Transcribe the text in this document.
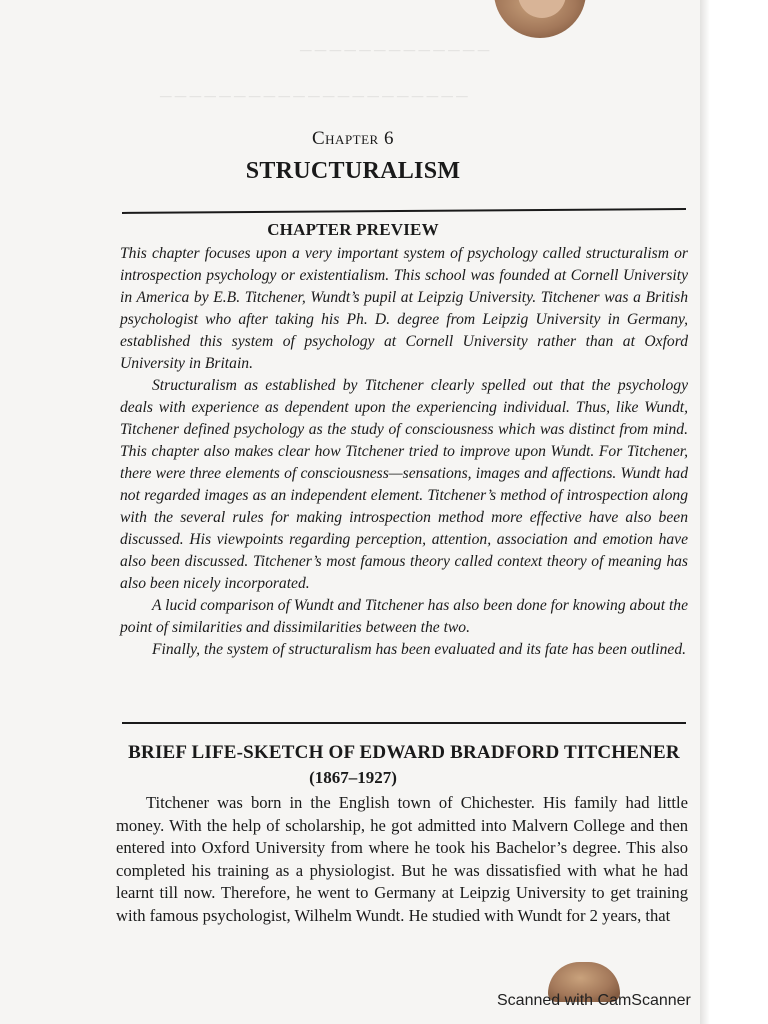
— — — — — — — — — — — — —
— — — — — — — — — — — — — — — — — — — — —
Chapter 6
STRUCTURALISM
CHAPTER PREVIEW

This chapter focuses upon a very important system of psychology called structuralism or introspection psychology or existentialism. This school was founded at Cornell University in America by E.B. Titchener, Wundt’s pupil at Leipzig University. Titchener was a British psychologist who after taking his Ph. D. degree from Leipzig University in Germany, established this system of psychology at Cornell University rather than at Oxford University in Britain.

Structuralism as established by Titchener clearly spelled out that the psychology deals with experience as dependent upon the experiencing individual. Thus, like Wundt, Titchener defined psychology as the study of consciousness which was distinct from mind. This chapter also makes clear how Titchener tried to improve upon Wundt. For Titchener, there were three elements of consciousness—sensations, images and affections. Wundt had not regarded images as an independent element. Titchener’s method of introspection along with the several rules for making introspection method more effective have also been discussed. His viewpoints regarding perception, attention, association and emotion have also been discussed. Titchener’s most famous theory called context theory of meaning has also been nicely incorporated.

A lucid comparison of Wundt and Titchener has also been done for knowing about the point of similarities and dissimilarities between the two.

Finally, the system of structuralism has been evaluated and its fate has been outlined.

BRIEF LIFE-SKETCH OF EDWARD BRADFORD TITCHENER
(1867–1927)

Titchener was born in the English town of Chichester. His family had little money. With the help of scholarship, he got admitted into Malvern College and then entered into Oxford University from where he took his Bachelor’s degree. This also completed his training as a physiologist. But he was dissatisfied with what he had learnt till now. Therefore, he went to Germany at Leipzig University to get training with famous psychologist, Wilhelm Wundt. He studied with Wundt for 2 years, that

Scanned with CamScanner
